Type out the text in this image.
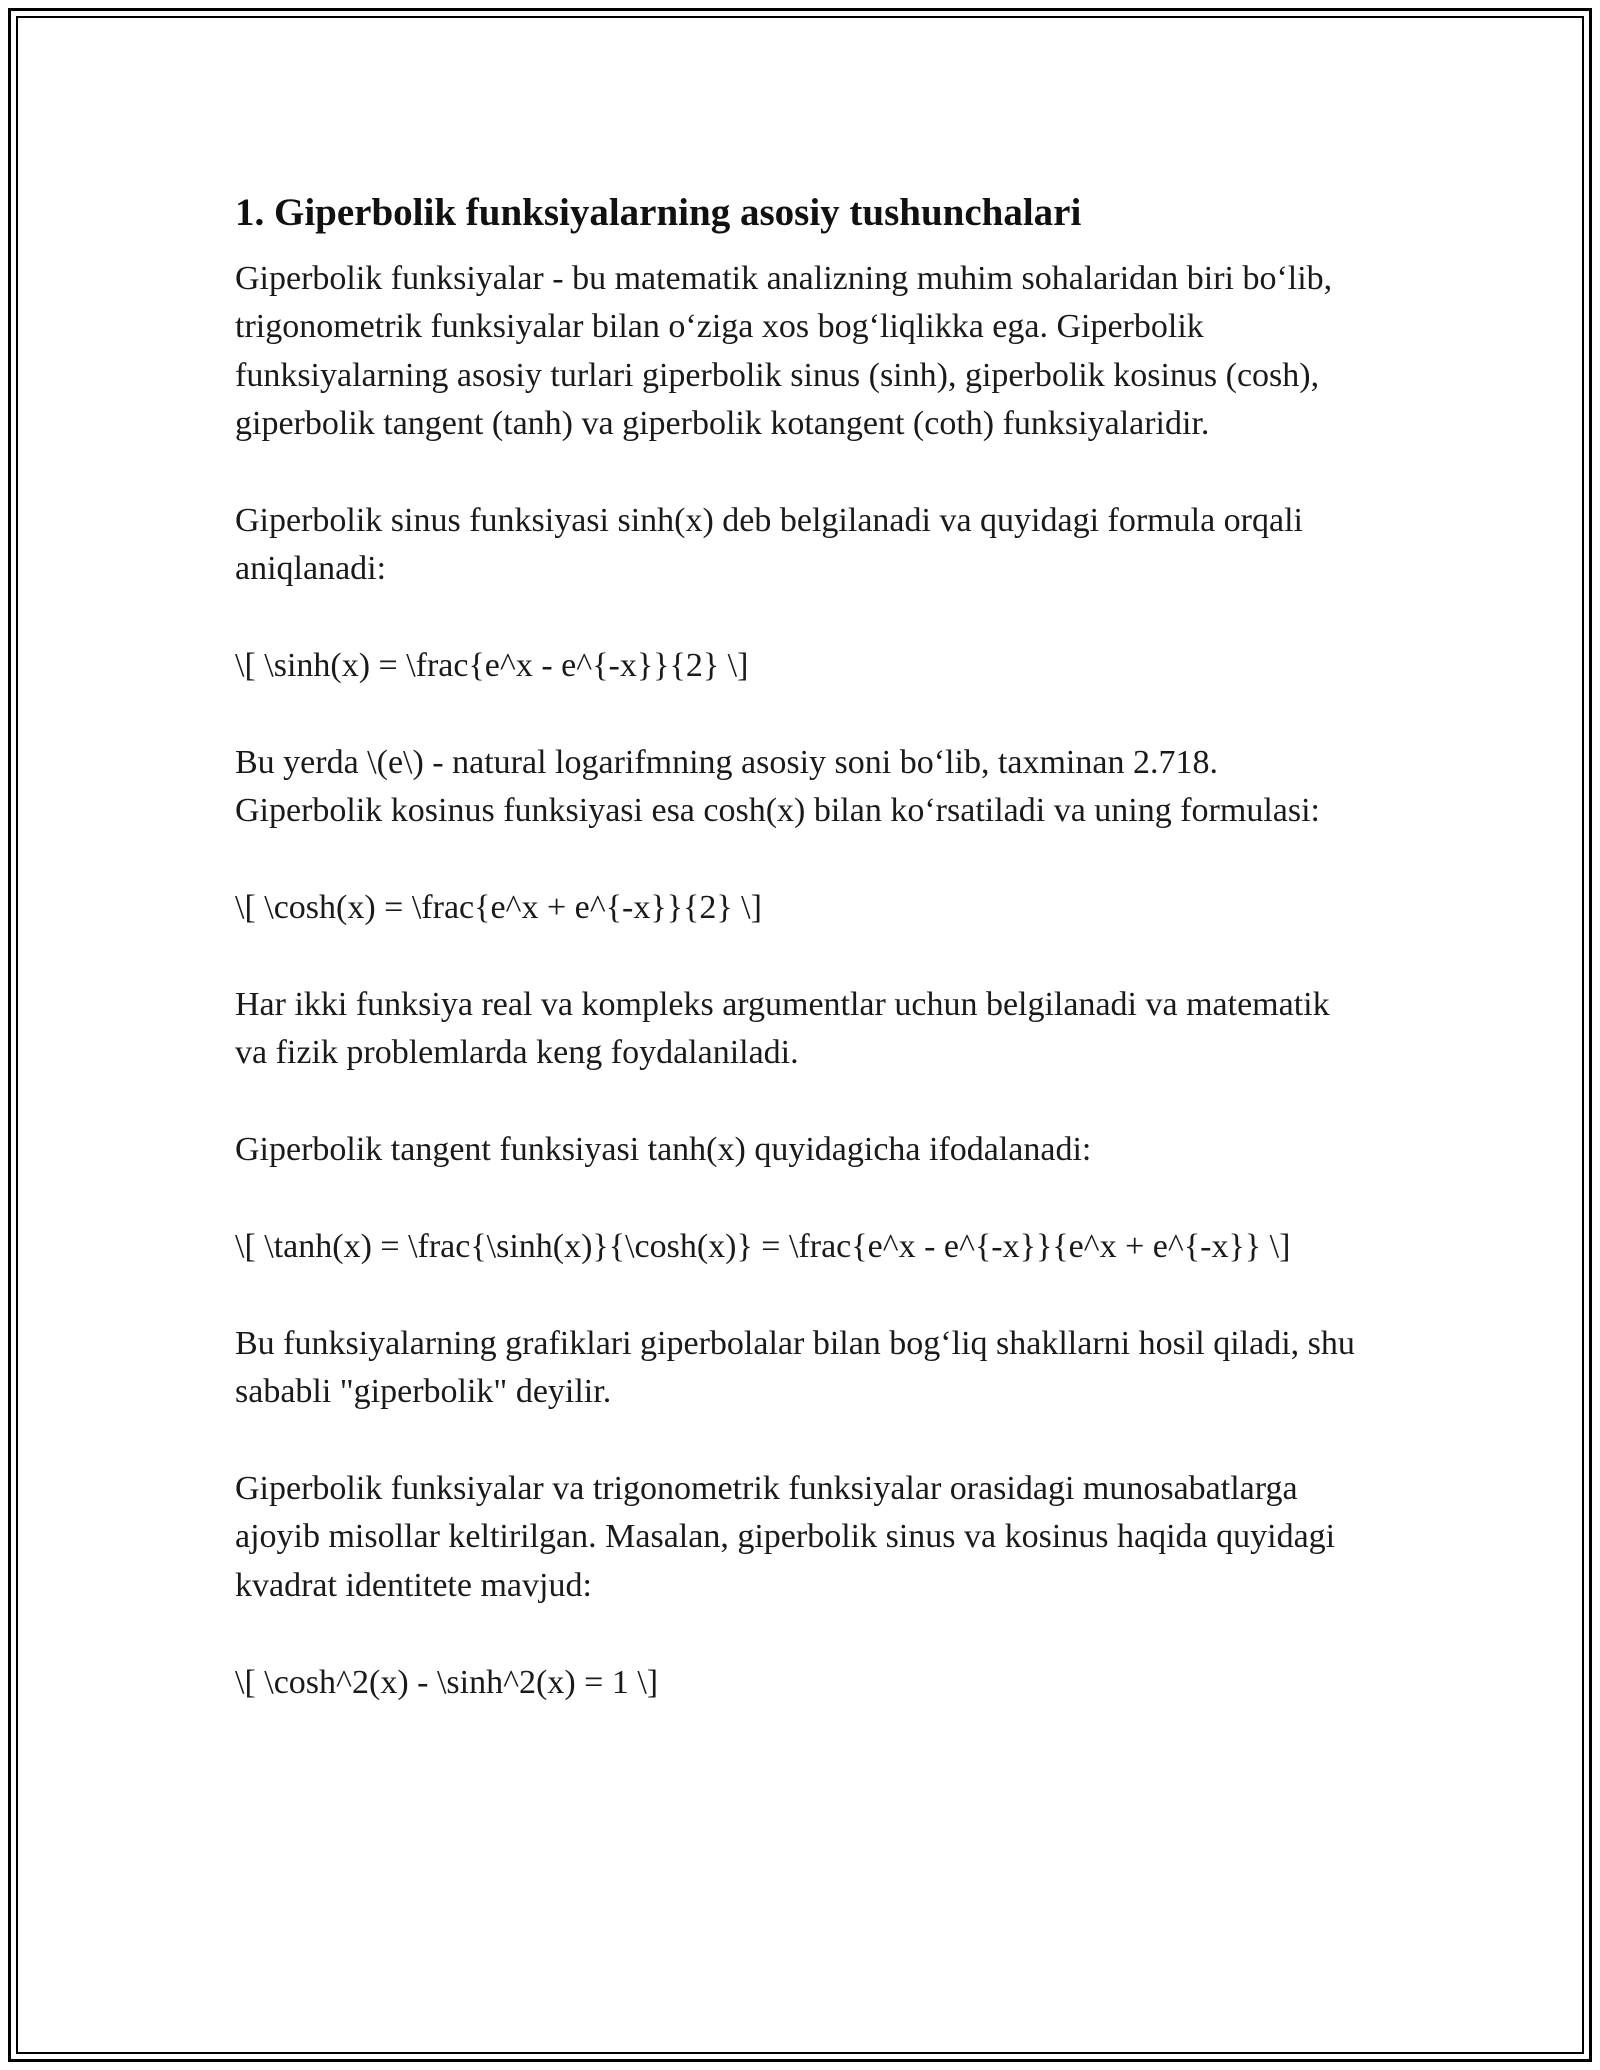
1. Giperbolik funksiyalarning asosiy tushunchalari

Giperbolik funksiyalar - bu matematik analizning muhim sohalaridan biri bo‘lib, trigonometrik funksiyalar bilan o‘ziga xos bog‘liqlikka ega. Giperbolik funksiyalarning asosiy turlari giperbolik sinus (sinh), giperbolik kosinus (cosh), giperbolik tangent (tanh) va giperbolik kotangent (coth) funksiyalaridir.

Giperbolik sinus funksiyasi sinh(x) deb belgilanadi va quyidagi formula orqali aniqlanadi:

\[ \sinh(x) = \frac{e^x - e^{-x}}{2} \]

Bu yerda \(e\) - natural logarifmning asosiy soni bo‘lib, taxminan 2.718. Giperbolik kosinus funksiyasi esa cosh(x) bilan ko‘rsatiladi va uning formulasi:

\[ \cosh(x) = \frac{e^x + e^{-x}}{2} \]

Har ikki funksiya real va kompleks argumentlar uchun belgilanadi va matematik va fizik problemlarda keng foydalaniladi.

Giperbolik tangent funksiyasi tanh(x) quyidagicha ifodalanadi:

\[ \tanh(x) = \frac{\sinh(x)}{\cosh(x)} = \frac{e^x - e^{-x}}{e^x + e^{-x}} \]

Bu funksiyalarning grafiklari giperbolalar bilan bog‘liq shakllarni hosil qiladi, shu sababli "giperbolik" deyilir.

Giperbolik funksiyalar va trigonometrik funksiyalar orasidagi munosabatlarga ajoyib misollar keltirilgan. Masalan, giperbolik sinus va kosinus haqida quyidagi kvadrat identitete mavjud:

\[ \cosh^2(x) - \sinh^2(x) = 1 \]
